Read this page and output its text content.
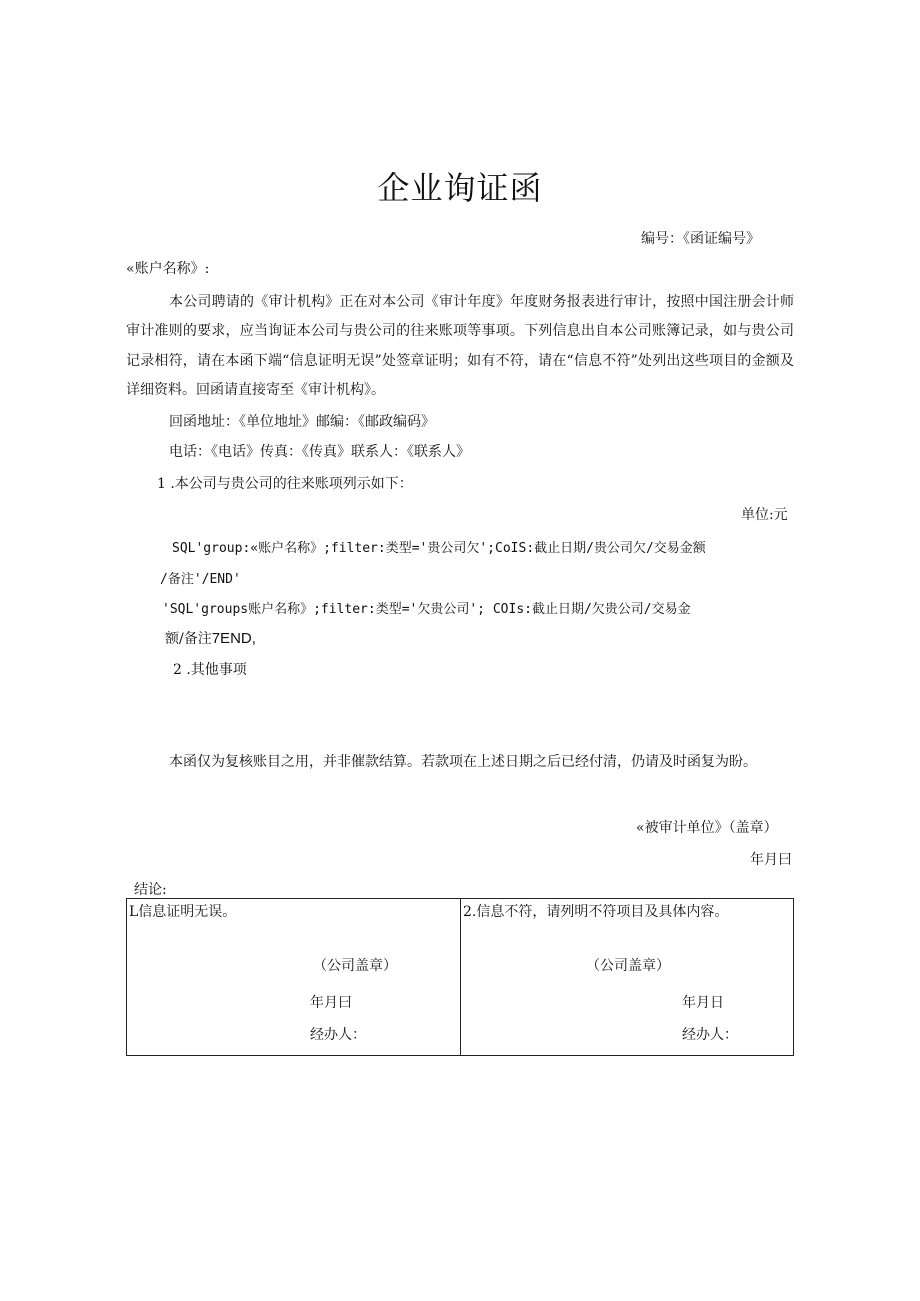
企业询证函
编号：《函证编号》
«账户名称》:
本公司聘请的《审计机构》正在对本公司《审计年度》年度财务报表进行审计，按照中国注册会计师审计准则的要求，应当询证本公司与贵公司的往来账项等事项。下列信息出自本公司账簿记录，如与贵公司记录相符，请在本函下端“信息证明无误”处签章证明；如有不符，请在“信息不符”处列出这些项目的金额及详细资料。回函请直接寄至《审计机构》。
回函地址：《单位地址》邮编：《邮政编码》
电话：《电话》传真：《传真》联系人：《联系人》
1 .本公司与贵公司的往来账项列示如下：
单位:元
SQL'group:«账户名称》;filter:类型='贵公司欠';CoIS:截止日期/贵公司欠/交易金额
/备注'/END'
'SQL'groups账户名称》;filter:类型='欠贵公司'; COIs:截止日期/欠贵公司/交易金
额/备注7END,
2 .其他事项
本函仅为复核账目之用，并非催款结算。若款项在上述日期之后已经付清，仍请及时函复为盼。
«被审计单位》（盖章）
年月曰
结论:
L信息证明无误。
（公司盖章）
年月曰
经办人：

2.信息不符，请列明不符项目及具体内容。
（公司盖章）
年月日
经办人：
